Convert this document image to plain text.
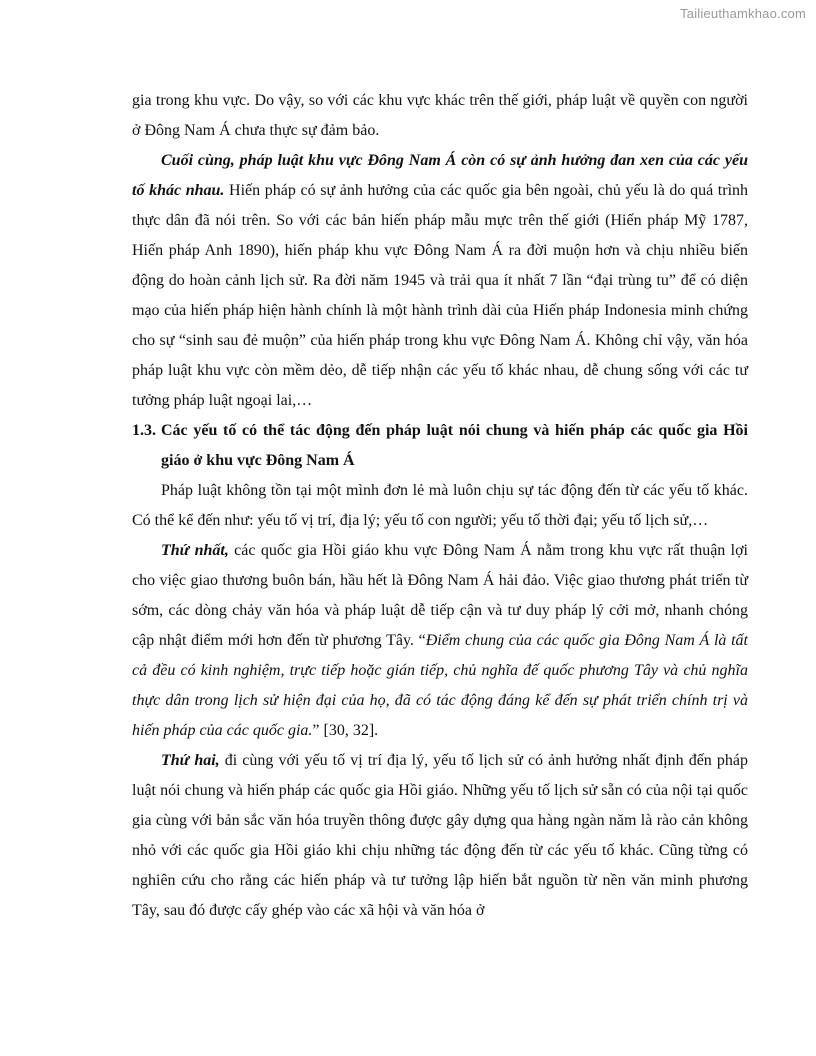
Tailieuthamkhao.com

gia trong khu vực. Do vậy, so với các khu vực khác trên thế giới, pháp luật về quyền con người ở Đông Nam Á chưa thực sự đảm bảo.

Cuối cùng, pháp luật khu vực Đông Nam Á còn có sự ảnh hưởng đan xen của các yếu tố khác nhau. Hiến pháp có sự ảnh hưởng của các quốc gia bên ngoài, chủ yếu là do quá trình thực dân đã nói trên. So với các bản hiến pháp mẫu mực trên thế giới (Hiến pháp Mỹ 1787, Hiến pháp Anh 1890), hiến pháp khu vực Đông Nam Á ra đời muộn hơn và chịu nhiều biến động do hoàn cảnh lịch sử. Ra đời năm 1945 và trải qua ít nhất 7 lần “đại trùng tu” để có diện mạo của hiến pháp hiện hành chính là một hành trình dài của Hiến pháp Indonesia minh chứng cho sự “sinh sau đẻ muộn” của hiến pháp trong khu vực Đông Nam Á. Không chỉ vậy, văn hóa pháp luật khu vực còn mềm dẻo, dễ tiếp nhận các yếu tố khác nhau, dễ chung sống với các tư tưởng pháp luật ngoại lai,…

1.3. Các yếu tố có thể tác động đến pháp luật nói chung và hiến pháp các quốc gia Hồi giáo ở khu vực Đông Nam Á

Pháp luật không tồn tại một mình đơn lẻ mà luôn chịu sự tác động đến từ các yếu tố khác. Có thể kể đến như: yếu tố vị trí, địa lý; yếu tố con người; yếu tố thời đại; yếu tố lịch sử,…

Thứ nhất, các quốc gia Hồi giáo khu vực Đông Nam Á nằm trong khu vực rất thuận lợi cho việc giao thương buôn bán, hầu hết là Đông Nam Á hải đảo. Việc giao thương phát triển từ sớm, các dòng chảy văn hóa và pháp luật dễ tiếp cận và tư duy pháp lý cởi mở, nhanh chóng cập nhật điểm mới hơn đến từ phương Tây. “Điểm chung của các quốc gia Đông Nam Á là tất cả đều có kinh nghiệm, trực tiếp hoặc gián tiếp, chủ nghĩa đế quốc phương Tây và chủ nghĩa thực dân trong lịch sử hiện đại của họ, đã có tác động đáng kể đến sự phát triển chính trị và hiến pháp của các quốc gia.” [30, 32].

Thứ hai, đi cùng với yếu tố vị trí địa lý, yếu tố lịch sử có ảnh hưởng nhất định đến pháp luật nói chung và hiến pháp các quốc gia Hồi giáo. Những yếu tố lịch sử sẵn có của nội tại quốc gia cùng với bản sắc văn hóa truyền thông được gây dựng qua hàng ngàn năm là rào cản không nhỏ với các quốc gia Hồi giáo khi chịu những tác động đến từ các yếu tố khác. Cũng từng có nghiên cứu cho rằng các hiến pháp và tư tưởng lập hiến bắt nguồn từ nền văn minh phương Tây, sau đó được cấy ghép vào các xã hội và văn hóa ở
